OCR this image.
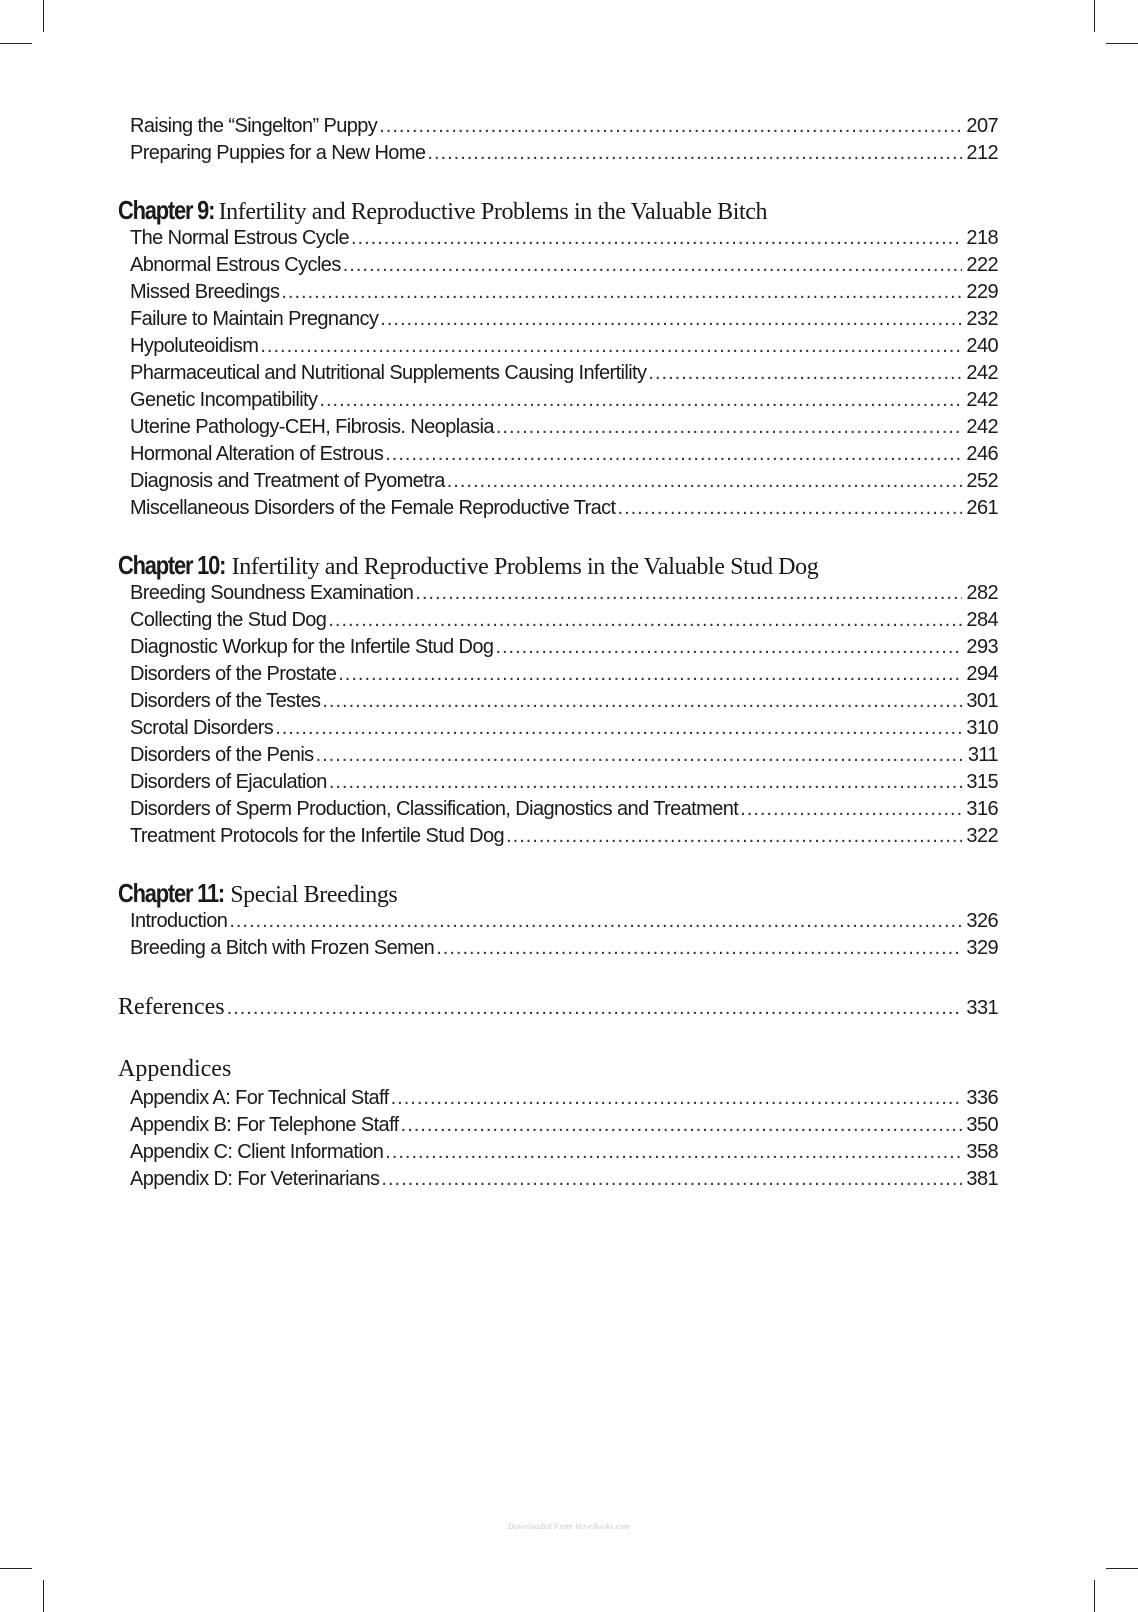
Raising the “Singelton” Puppy .....	207
Preparing Puppies for a New Home .....	212
Chapter 9: Infertility and Reproductive Problems in the Valuable Bitch
The Normal Estrous Cycle .....	218
Abnormal Estrous Cycles .....	222
Missed Breedings .....	229
Failure to Maintain Pregnancy .....	232
Hypoluteoidism .....	240
Pharmaceutical and Nutritional Supplements Causing Infertility .....	242
Genetic Incompatibility .....	242
Uterine Pathology-CEH, Fibrosis. Neoplasia .....	242
Hormonal Alteration of Estrous .....	246
Diagnosis and Treatment of Pyometra .....	252
Miscellaneous Disorders of the Female Reproductive Tract .....	261
Chapter 10: Infertility and Reproductive Problems in the Valuable Stud Dog
Breeding Soundness Examination .....	282
Collecting the Stud Dog .....	284
Diagnostic Workup for the Infertile Stud Dog .....	293
Disorders of the Prostate .....	294
Disorders of the Testes .....	301
Scrotal Disorders .....	310
Disorders of the Penis .....	311
Disorders of Ejaculation .....	315
Disorders of Sperm Production, Classification, Diagnostics and Treatment .....	316
Treatment Protocols for the Infertile Stud Dog .....	322
Chapter 11: Special Breedings
Introduction .....	326
Breeding a Bitch with Frozen Semen .....	329
References .....	331
Appendices
Appendix A: For Technical Staff .....	336
Appendix B: For Telephone Staff .....	350
Appendix C: Client Information .....	358
Appendix D: For Veterinarians .....	381
Downloaded From Vet-eBooks.com
